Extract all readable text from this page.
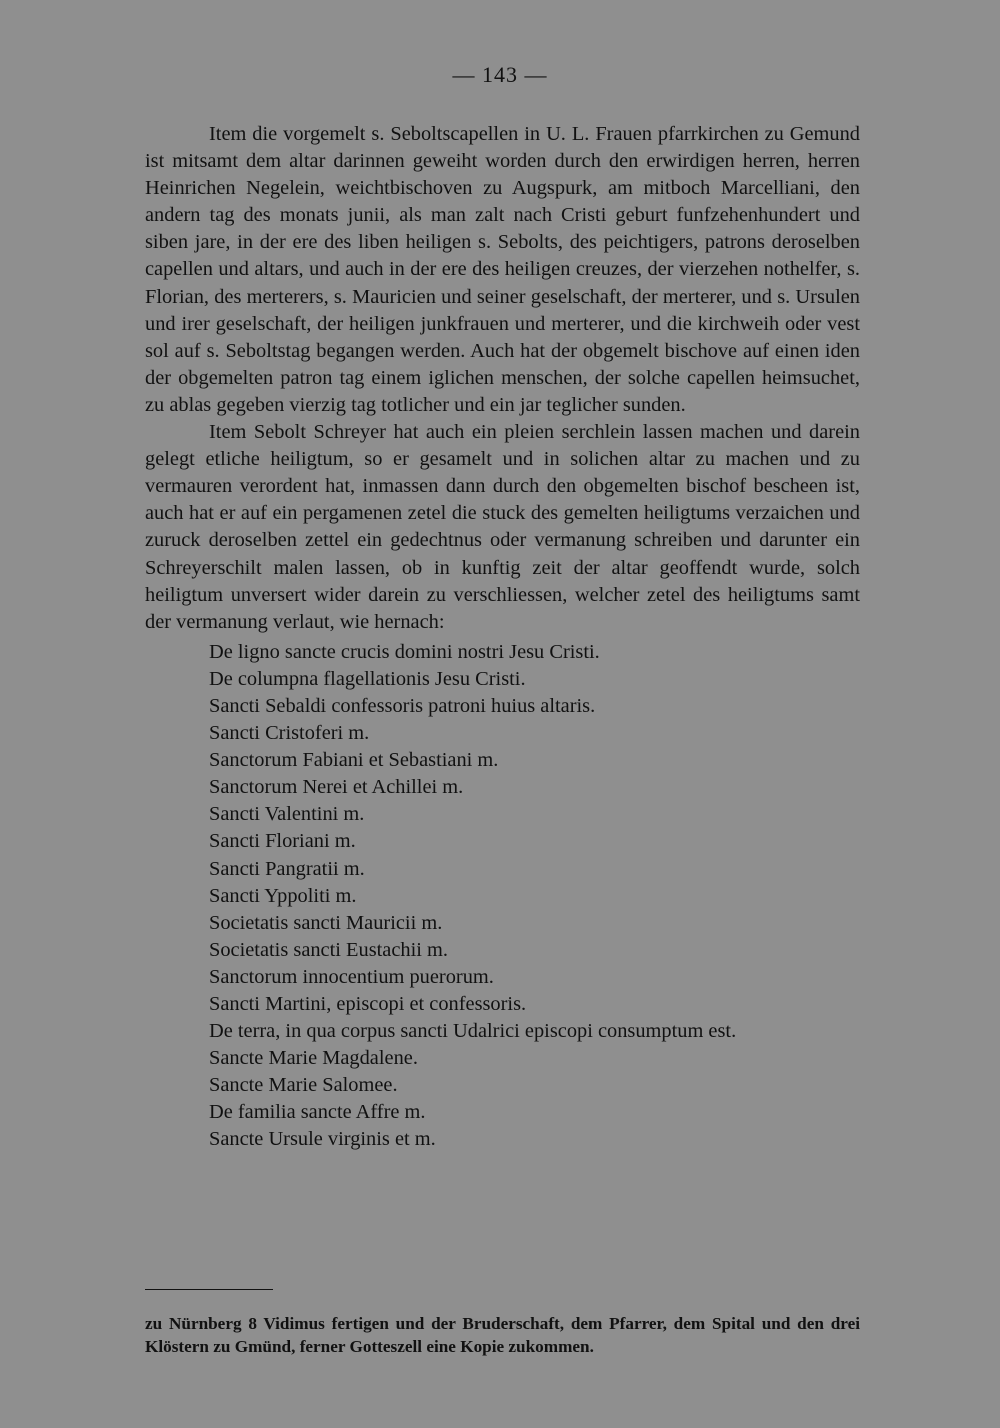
— 143 —

Item die vorgemelt s. Seboltscapellen in U. L. Frauen pfarrkirchen zu Gemund ist mitsamt dem altar darinnen geweiht worden durch den erwirdigen herren, herren Heinrichen Negelein, weichtbischoven zu Augspurk, am mitboch Marcelliani, den andern tag des monats junii, als man zalt nach Cristi geburt funfzehenhundert und siben jare, in der ere des liben heiligen s. Sebolts, des peichtigers, patrons deroselben capellen und altars, und auch in der ere des heiligen creuzes, der vierzehen nothelfer, s. Florian, des merterers, s. Mauricien und seiner geselschaft, der merterer, und s. Ursulen und irer geselschaft, der heiligen junkfrauen und merterer, und die kirchweih oder vest sol auf s. Seboltstag begangen werden. Auch hat der obgemelt bischove auf einen iden der obgemelten patron tag einem iglichen menschen, der solche capellen heimsuchet, zu ablas gegeben vierzig tag totlicher und ein jar teglicher sunden.

Item Sebolt Schreyer hat auch ein pleien serchlein lassen machen und darein gelegt etliche heiligtum, so er gesamelt und in solichen altar zu machen und zu vermauren verordent hat, inmassen dann durch den obgemelten bischof bescheen ist, auch hat er auf ein pergamenen zetel die stuck des gemelten heiligtums verzaichen und zuruck deroselben zettel ein gedechtnus oder vermanung schreiben und darunter ein Schreyerschilt malen lassen, ob in kunftig zeit der altar geoffendt wurde, solch heiligtum unversert wider darein zu verschliessen, welcher zetel des heiligtums samt der vermanung verlaut, wie hernach:

De ligno sancte crucis domini nostri Jesu Cristi.
De columpna flagellationis Jesu Cristi.
Sancti Sebaldi confessoris patroni huius altaris.
Sancti Cristoferi m.
Sanctorum Fabiani et Sebastiani m.
Sanctorum Nerei et Achillei m.
Sancti Valentini m.
Sancti Floriani m.
Sancti Pangratii m.
Sancti Yppoliti m.
Societatis sancti Mauricii m.
Societatis sancti Eustachii m.
Sanctorum innocentium puerorum.
Sancti Martini, episcopi et confessoris.
De terra, in qua corpus sancti Udalrici episcopi consumptum est.
Sancte Marie Magdalene.
Sancte Marie Salomee.
De familia sancte Affre m.
Sancte Ursule virginis et m.

zu Nürnberg 8 Vidimus fertigen und der Bruderschaft, dem Pfarrer, dem Spital und den drei Klöstern zu Gmünd, ferner Gotteszell eine Kopie zukommen.
